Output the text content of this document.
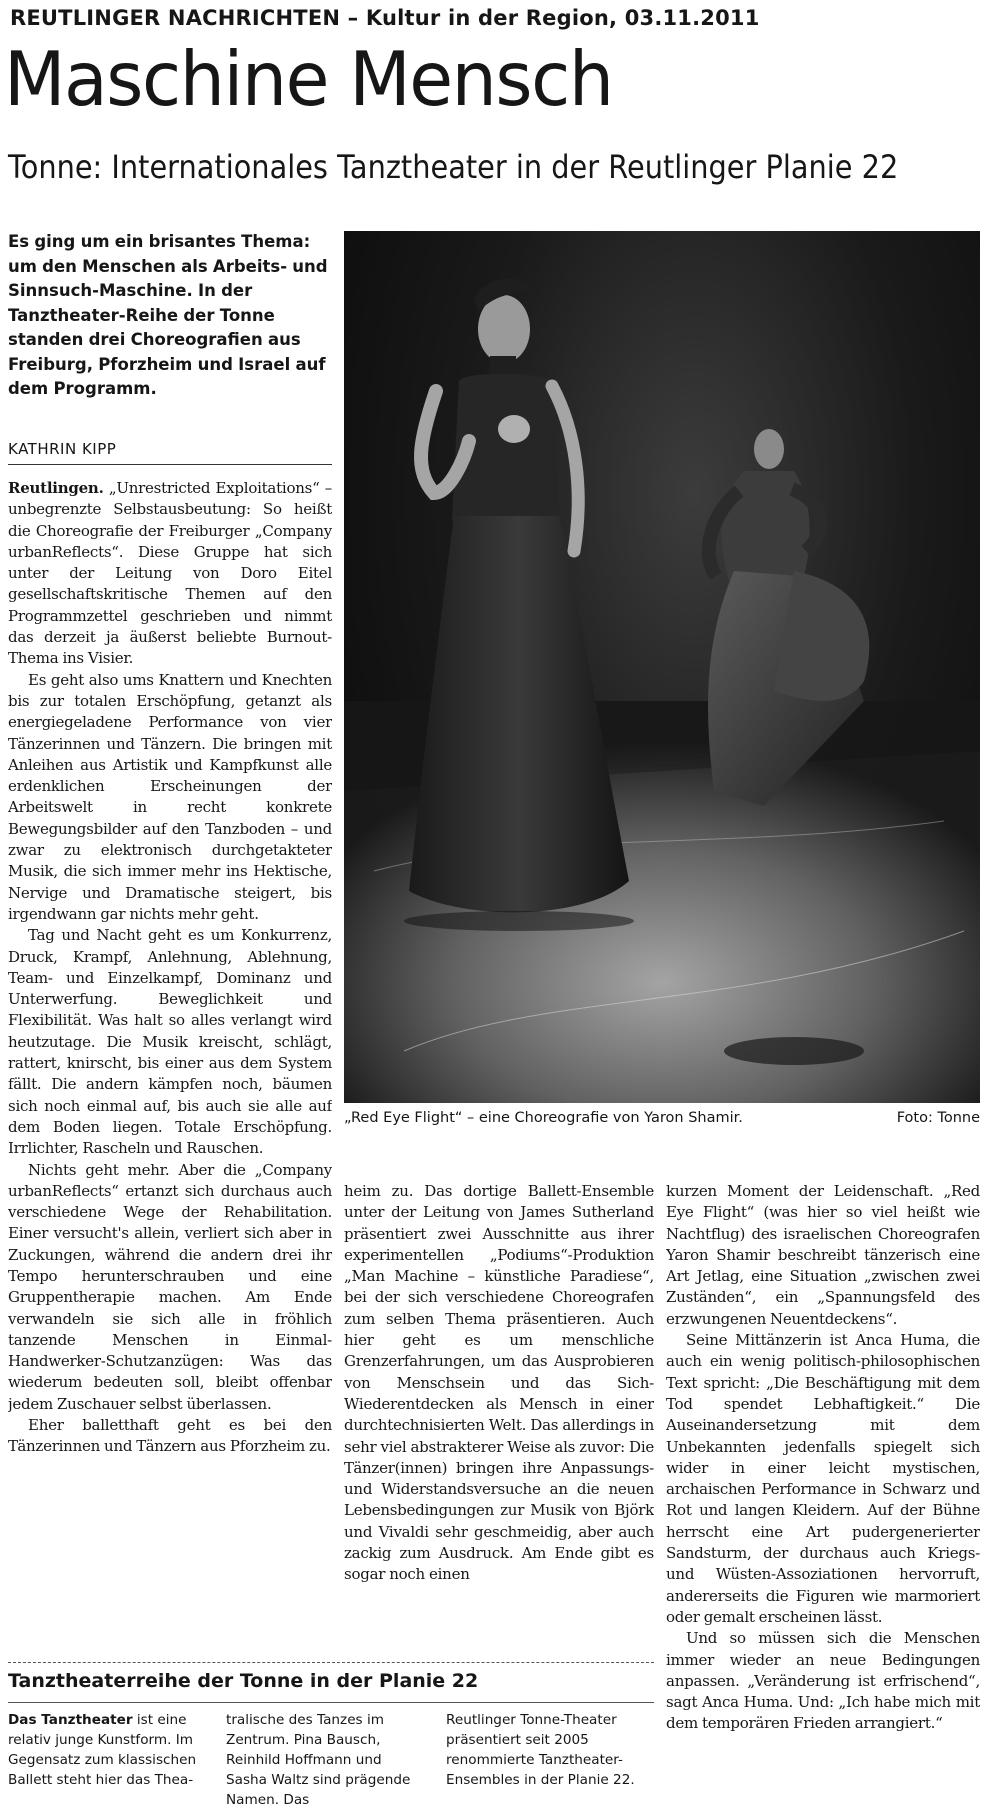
REUTLINGER NACHRICHTEN – Kultur in der Region, 03.11.2011
Maschine Mensch
Tonne: Internationales Tanztheater in der Reutlinger Planie 22
Es ging um ein brisantes Thema: um den Menschen als Arbeits- und Sinnsuch-Maschine. In der Tanztheater-Reihe der Tonne standen drei Choreografien aus Freiburg, Pforzheim und Israel auf dem Programm.
KATHRIN KIPP

Reutlingen. „Unrestricted Exploitations“ – unbegrenzte Selbstausbeutung: So heißt die Choreografie der Freiburger „Company urbanReflects“. Diese Gruppe hat sich unter der Leitung von Doro Eitel gesellschaftskritische Themen auf den Programmzettel geschrieben und nimmt das derzeit ja äußerst beliebte Burnout-Thema ins Visier.

Es geht also ums Knattern und Knechten bis zur totalen Erschöpfung, getanzt als energiegeladene Performance von vier Tänzerinnen und Tänzern. Die bringen mit Anleihen aus Artistik und Kampfkunst alle erdenklichen Erscheinungen der Arbeitswelt in recht konkrete Bewegungsbilder auf den Tanzboden – und zwar zu elektronisch durchgetakteter Musik, die sich immer mehr ins Hektische, Nervige und Dramatische steigert, bis irgendwann gar nichts mehr geht.

Tag und Nacht geht es um Konkurrenz, Druck, Krampf, Anlehnung, Ablehnung, Team- und Einzelkampf, Dominanz und Unterwerfung. Beweglichkeit und Flexibilität. Was halt so alles verlangt wird heutzutage. Die Musik kreischt, schlägt, rattert, knirscht, bis einer aus dem System fällt. Die andern kämpfen noch, bäumen sich noch einmal auf, bis auch sie alle auf dem Boden liegen. Totale Erschöpfung. Irrlichter, Rascheln und Rauschen.

Nichts geht mehr. Aber die „Company urbanReflects“ ertanzt sich durchaus auch verschiedene Wege der Rehabilitation. Einer versucht's allein, verliert sich aber in Zuckungen, während die andern drei ihr Tempo herunterschrauben und eine Gruppentherapie machen. Am Ende verwandeln sie sich alle in fröhlich tanzende Menschen in Einmal-Handwerker-Schutzanzügen: Was das wiederum bedeuten soll, bleibt offenbar jedem Zuschauer selbst überlassen.

Eher balletthaft geht es bei den Tänzerinnen und Tänzern aus Pforzheim zu.

„Red Eye Flight“ – eine Choreografie von Yaron Shamir.	Foto: Tonne

heim zu. Das dortige Ballett-Ensemble unter der Leitung von James Sutherland präsentiert zwei Ausschnitte aus ihrer experimentellen „Podiums“-Produktion „Man Machine – künstliche Paradiese“, bei der sich verschiedene Choreografen zum selben Thema präsentieren. Auch hier geht es um menschliche Grenzerfahrungen, um das Ausprobieren von Menschsein und das Sich-Wiederentdecken als Mensch in einer durchtechnisierten Welt. Das allerdings in sehr viel abstrakterer Weise als zuvor: Die Tänzer(innen) bringen ihre Anpassungs- und Widerstandsversuche an die neuen Lebensbedingungen zur Musik von Björk und Vivaldi sehr geschmeidig, aber auch zackig zum Ausdruck. Am Ende gibt es sogar noch einen

kurzen Moment der Leidenschaft. „Red Eye Flight“ (was hier so viel heißt wie Nachtflug) des israelischen Choreografen Yaron Shamir beschreibt tänzerisch eine Art Jetlag, eine Situation „zwischen zwei Zuständen“, ein „Spannungsfeld des erzwungenen Neuentdeckens“.

Seine Mittänzerin ist Anca Huma, die auch ein wenig politisch-philosophischen Text spricht: „Die Beschäftigung mit dem Tod spendet Lebhaftigkeit.“ Die Auseinandersetzung mit dem Unbekannten jedenfalls spiegelt sich wider in einer leicht mystischen, archaischen Performance in Schwarz und Rot und langen Kleidern. Auf der Bühne herrscht eine Art pudergenerierter Sandsturm, der durchaus auch Kriegs- und Wüsten-Assoziationen hervorruft, andererseits die Figuren wie marmoriert oder gemalt erscheinen lässt.

Und so müssen sich die Menschen immer wieder an neue Bedingungen anpassen. „Veränderung ist erfrischend“, sagt Anca Huma. Und: „Ich habe mich mit dem temporären Frieden arrangiert.“

Tanztheaterreihe der Tonne in der Planie 22
Das Tanztheater ist eine relativ junge Kunstform. Im Gegensatz zum klassischen Ballett steht hier das Thea-
tralische des Tanzes im Zentrum. Pina Bausch, Reinhild Hoffmann und Sasha Waltz sind prägende Namen. Das
Reutlinger Tonne-Theater präsentiert seit 2005 renommierte Tanztheater-Ensembles in der Planie 22.
